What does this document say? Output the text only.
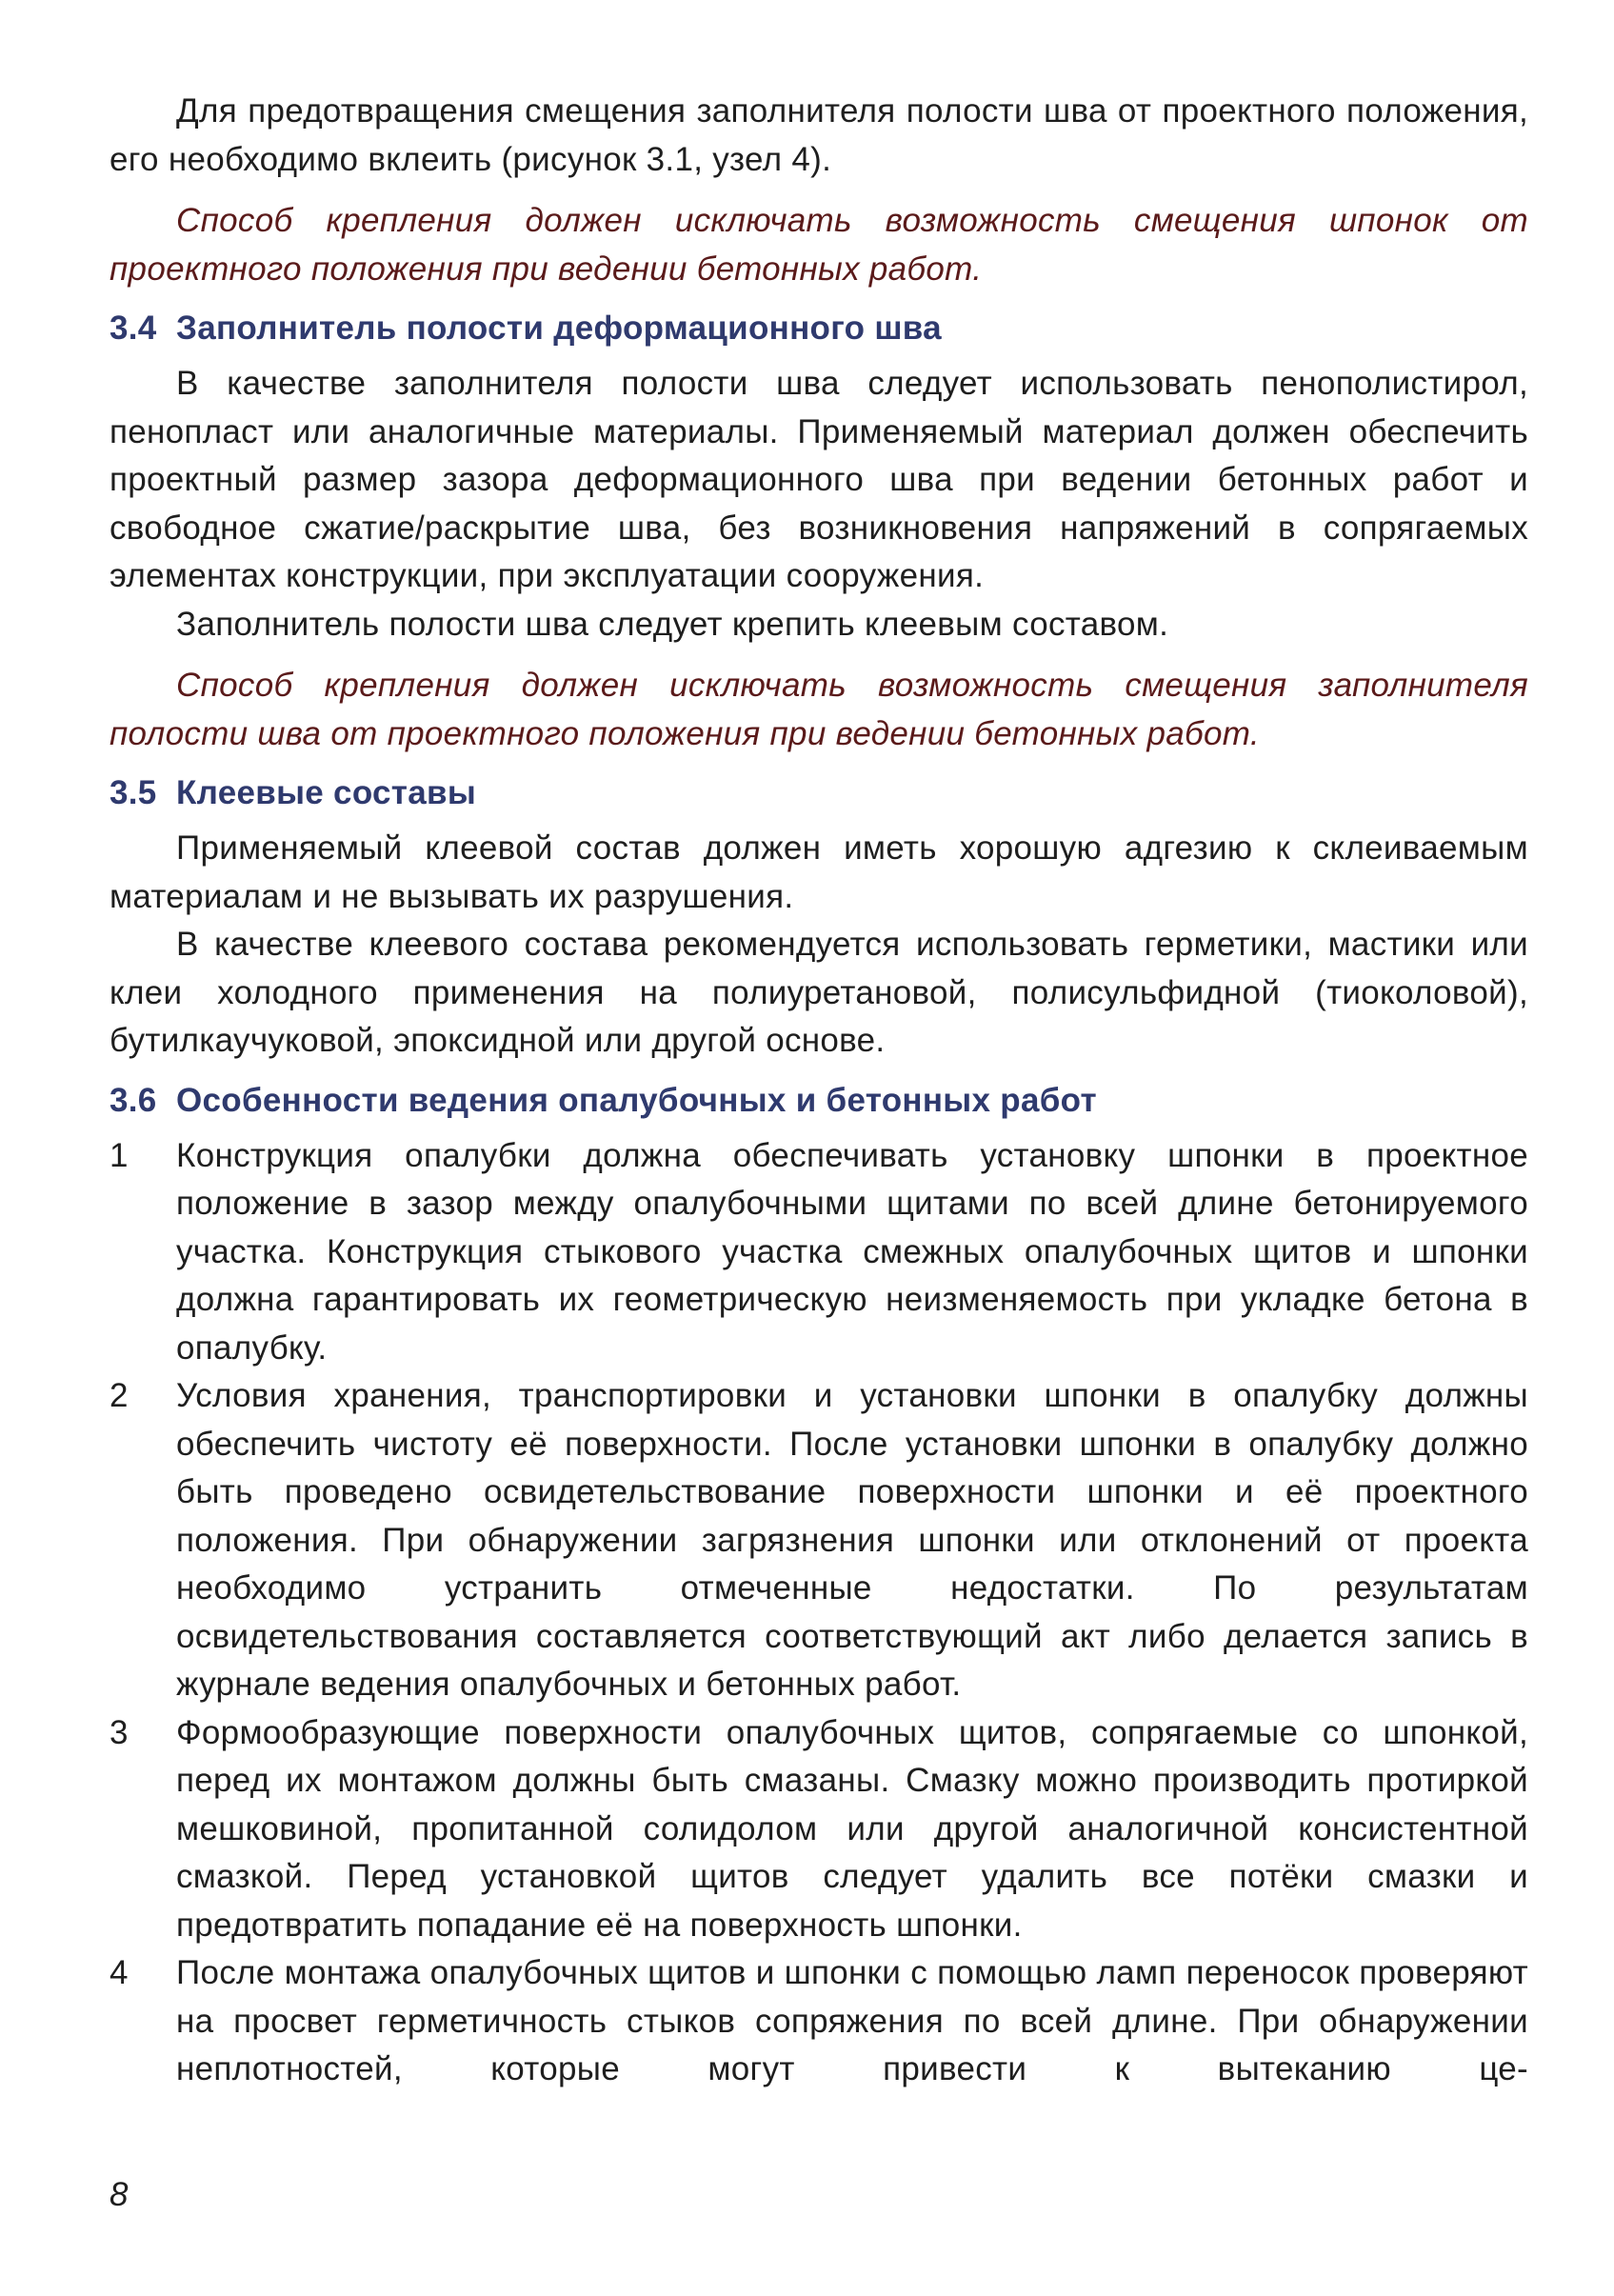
Для предотвращения смещения заполнителя полости шва от проектного положения, его необходимо вклеить (рисунок 3.1, узел 4).

Способ крепления должен исключать возможность смещения шпонок от проектного положения при ведении бетонных работ.

3.4 Заполнитель полости деформационного шва

В качестве заполнителя полости шва следует использовать пенополистирол, пенопласт или аналогичные материалы. Применяемый материал должен обеспечить проектный размер зазора деформационного шва при ведении бетонных работ и свободное сжатие/раскрытие шва, без возникновения напряжений в сопрягаемых элементах конструкции, при эксплуатации сооружения.

Заполнитель полости шва следует крепить клеевым составом.

Способ крепления должен исключать возможность смещения заполнителя полости шва от проектного положения при ведении бетонных работ.

3.5 Клеевые составы

Применяемый клеевой состав должен иметь хорошую адгезию к склеиваемым материалам и не вызывать их разрушения.

В качестве клеевого состава рекомендуется использовать герметики, мастики или клеи холодного применения на полиуретановой, полисульфидной (тиоколовой), бутилкаучуковой, эпоксидной или другой основе.

3.6 Особенности ведения опалубочных и бетонных работ
1	Конструкция опалубки должна обеспечивать установку шпонки в проектное положение в зазор между опалубочными щитами по всей длине бетонируемого участка. Конструкция стыкового участка смежных опалубочных щитов и шпонки должна гарантировать их геометрическую неизменяемость при укладке бетона в опалубку.
2	Условия хранения, транспортировки и установки шпонки в опалубку должны обеспечить чистоту её поверхности. После установки шпонки в опалубку должно быть проведено освидетельствование поверхности шпонки и её проектного положения. При обнаружении загрязнения шпонки или отклонений от проекта необходимо устранить отмеченные недостатки. По результатам освидетельствования составляется соответствующий акт либо делается запись в журнале ведения опалубочных и бетонных работ.
3	Формообразующие поверхности опалубочных щитов, сопрягаемые со шпонкой, перед их монтажом должны быть смазаны. Смазку можно производить протиркой мешковиной, пропитанной солидолом или другой аналогичной консистентной смазкой. Перед установкой щитов следует удалить все потёки смазки и предотвратить попадание её на поверхность шпонки.
4	После монтажа опалубочных щитов и шпонки с помощью ламп переносок проверяют на просвет герметичность стыков сопряжения по всей длине. При обнаружении неплотностей, которые могут привести к вытеканию це-
8
